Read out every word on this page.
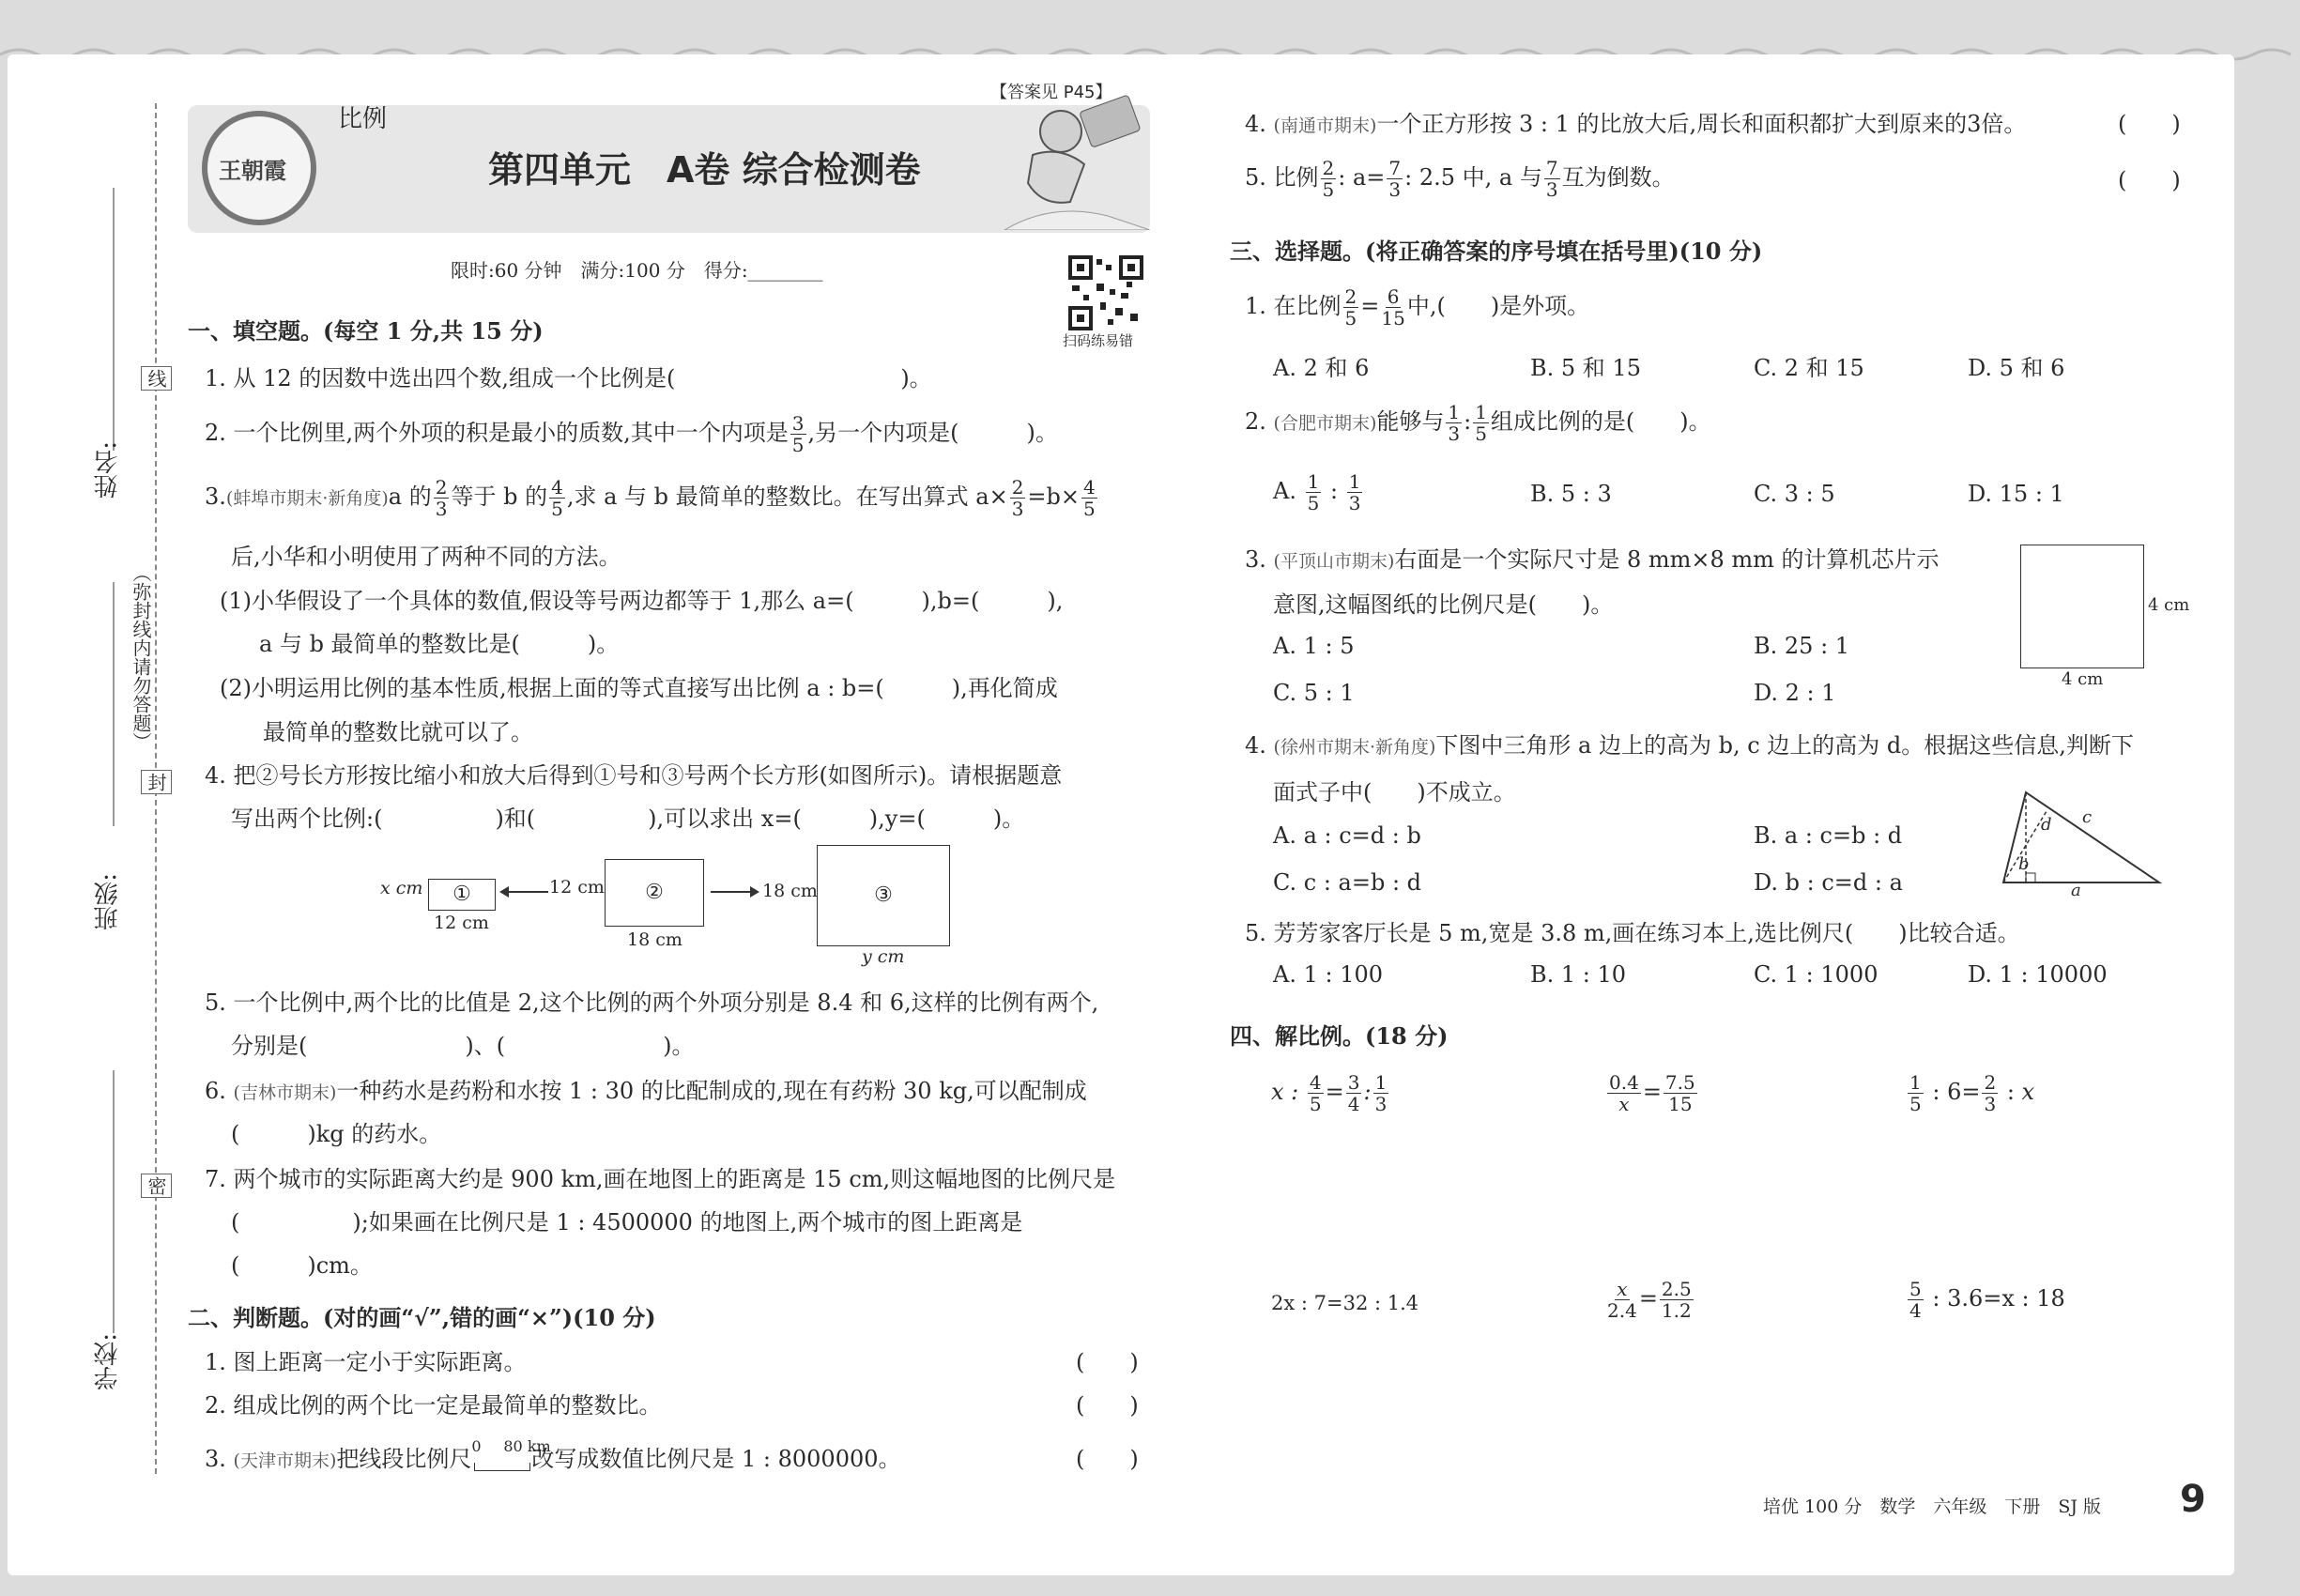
姓名:
班级:
学校:
线
封
密
（弥封线内请勿答题）
王朝霞
比例
【答案见 P45】
第四单元　A卷 综合检测卷
限时:60 分钟　满分:100 分　得分:________
扫码练易错
一、填空题。(每空 1 分,共 15 分)
1. 从 12 的因数中选出四个数,组成一个比例是(　　　　　　　　　　)。
2. 一个比例里,两个外项的积是最小的质数,其中一个内项是 $\frac{3}{5}$ ,另一个内项是(　　　)。
3.(蚌埠市期末·新角度)a 的 $\frac{2}{3}$ 等于 b 的 $\frac{4}{5}$ ,求 a 与 b 最简单的整数比。在写出算式 $a\times \frac{2}{3} =b\times \frac{4}{5}$
后,小华和小明使用了两种不同的方法。
(1)小华假设了一个具体的数值,假设等号两边都等于 1,那么 a=(　　　),b=(　　　),
a 与 b 最简单的整数比是(　　　)。
(2)小明运用比例的基本性质,根据上面的等式直接写出比例 a : b=(　　　),再化简成
最简单的整数比就可以了。
4. 把②号长方形按比缩小和放大后得到①号和③号两个长方形(如图所示)。请根据题意
写出两个比例:(　　　　　)和(　　　　　),可以求出 x=(　　　),y=(　　　)。
x cm	①
12 cm
12 cm	②
18 cm
18 cm	③
y cm
5. 一个比例中,两个比的比值是 2,这个比例的两个外项分别是 8.4 和 6,这样的比例有两个,
分别是(　　　　　　　)、(　　　　　　　)。
6. (吉林市期末)一种药水是药粉和水按 1 : 30 的比配制成的,现在有药粉 30 kg,可以配制成
(　　　)kg 的药水。
7. 两个城市的实际距离大约是 900 km,画在地图上的距离是 15 cm,则这幅地图的比例尺是
(　　　　　);如果画在比例尺是 1 : 4500000 的地图上,两个城市的图上距离是
(　　　)cm。
二、判断题。(对的画“√”,错的画“×”)(10 分)
1. 图上距离一定小于实际距离。	(　　)
2. 组成比例的两个比一定是最简单的整数比。	(　　)
3. (天津市期末)把线段比例尺 0 80 km
改写成数值比例尺是 1 : 8000000。	(　　)
4. (南通市期末)一个正方形按 3 : 1 的比放大后,周长和面积都扩大到原来的3倍。	(　　)
5. 比例 $\frac{2}{5}$ : $a= \frac{7}{3}$ : 2.5 中, a 与 $\frac{7}{3}$ 互为倒数。	(　　)
三、选择题。(将正确答案的序号填在括号里)(10 分)
1. 在比例 $\frac{2}{5} = \frac{6}{15}$ 中,(　　)是外项。
A. 2 和 6	B. 5 和 15	C. 2 和 15	D. 5 和 6
2. (合肥市期末)能够与 $\frac{1}{3}$ : $\frac{1}{5}$ 组成比例的是(　　)。
A. $\frac{1}{5}$ : $\frac{1}{3}$	B. 5 : 3	C. 3 : 5	D. 15 : 1
3. (平顶山市期末)右面是一个实际尺寸是 8 mm×8 mm 的计算机芯片示
意图,这幅图纸的比例尺是(　　)。
A. 1 : 5	B. 25 : 1
C. 5 : 1	D. 2 : 1
4 cm
4 cm
4. (徐州市期末·新角度)下图中三角形 a 边上的高为 b, c 边上的高为 d。根据这些信息,判断下
面式子中(　　)不成立。
A. a : c=d : b	B. a : c=b : d
C. c : a=b : d	D. b : c=d : a
c
d
b
a
5. 芳芳家客厅长是 5 m,宽是 3.8 m,画在练习本上,选比例尺(　　)比较合适。
A. 1 : 100	B. 1 : 10	C. 1 : 1000	D. 1 : 10000
四、解比例。(18 分)
x : $\frac{4}{5} = \frac{3}{4}$ : $\frac{1}{3}$	$\frac{0.4}{x} = \frac{7.5}{15}$	$\frac{1}{5}$ : $6= \frac{2}{3}$ : x
2x : 7=32 : 1.4	$\frac{x}{2.4} = \frac{2.5}{1.2}$	$\frac{5}{4}$ : 3.6=x : 18
培优 100 分　数学　六年级　下册　SJ 版 9
